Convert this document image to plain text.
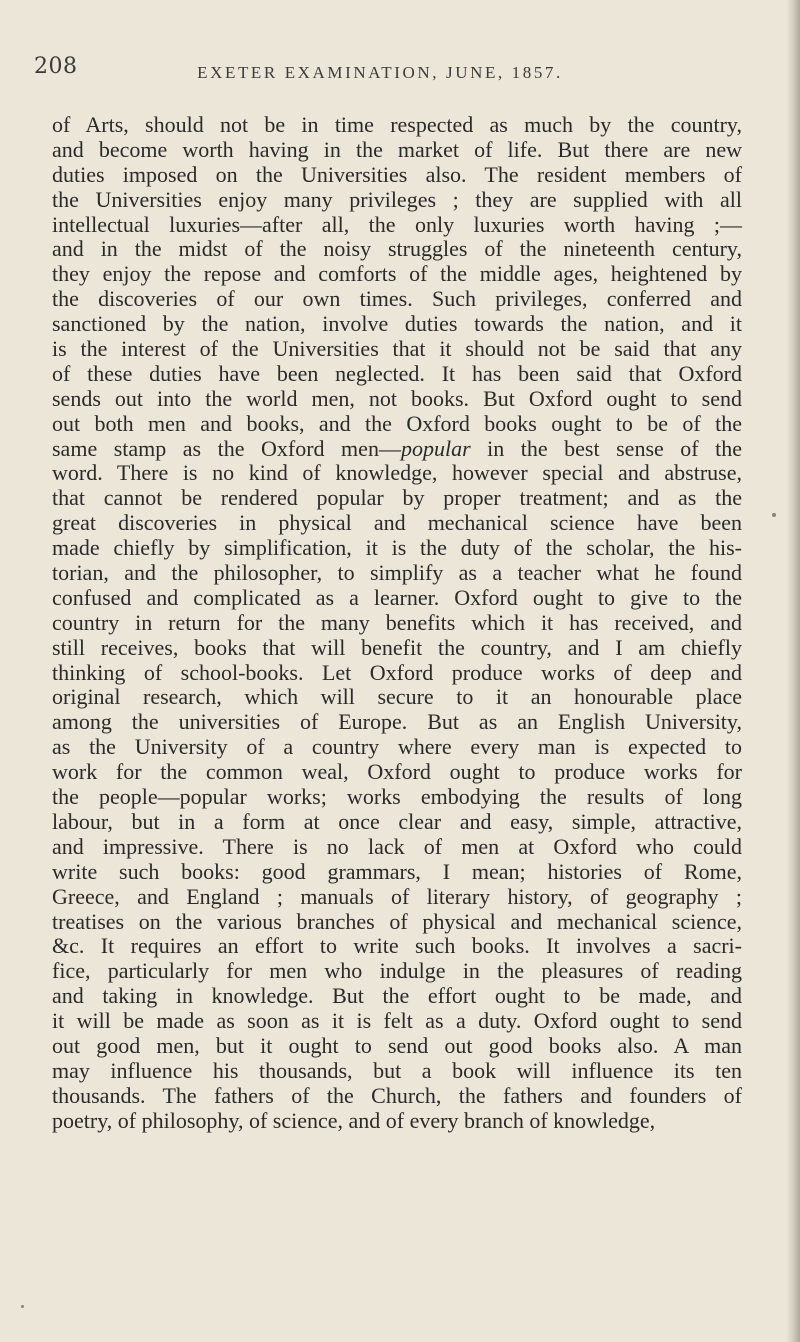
208	EXETER EXAMINATION, JUNE, 1857.
of Arts, should not be in time respected as much by the country,
and become worth having in the market of life. But there are new
duties imposed on the Universities also. The resident members of
the Universities enjoy many privileges ; they are supplied with all
intellectual luxuries—after all, the only luxuries worth having ;—
and in the midst of the noisy struggles of the nineteenth century,
they enjoy the repose and comforts of the middle ages, heightened by
the discoveries of our own times. Such privileges, conferred and
sanctioned by the nation, involve duties towards the nation, and it
is the interest of the Universities that it should not be said that any
of these duties have been neglected. It has been said that Oxford
sends out into the world men, not books. But Oxford ought to send
out both men and books, and the Oxford books ought to be of the
same stamp as the Oxford men—popular in the best sense of the
word. There is no kind of knowledge, however special and abstruse,
that cannot be rendered popular by proper treatment; and as the
great discoveries in physical and mechanical science have been
made chiefly by simplification, it is the duty of the scholar, the his-
torian, and the philosopher, to simplify as a teacher what he found
confused and complicated as a learner. Oxford ought to give to the
country in return for the many benefits which it has received, and
still receives, books that will benefit the country, and I am chiefly
thinking of school-books. Let Oxford produce works of deep and
original research, which will secure to it an honourable place
among the universities of Europe. But as an English University,
as the University of a country where every man is expected to
work for the common weal, Oxford ought to produce works for
the people—popular works; works embodying the results of long
labour, but in a form at once clear and easy, simple, attractive,
and impressive. There is no lack of men at Oxford who could
write such books: good grammars, I mean; histories of Rome,
Greece, and England ; manuals of literary history, of geography ;
treatises on the various branches of physical and mechanical science,
&c. It requires an effort to write such books. It involves a sacri-
fice, particularly for men who indulge in the pleasures of reading
and taking in knowledge. But the effort ought to be made, and
it will be made as soon as it is felt as a duty. Oxford ought to send
out good men, but it ought to send out good books also. A man
may influence his thousands, but a book will influence its ten
thousands. The fathers of the Church, the fathers and founders of
poetry, of philosophy, of science, and of every branch of knowledge,
